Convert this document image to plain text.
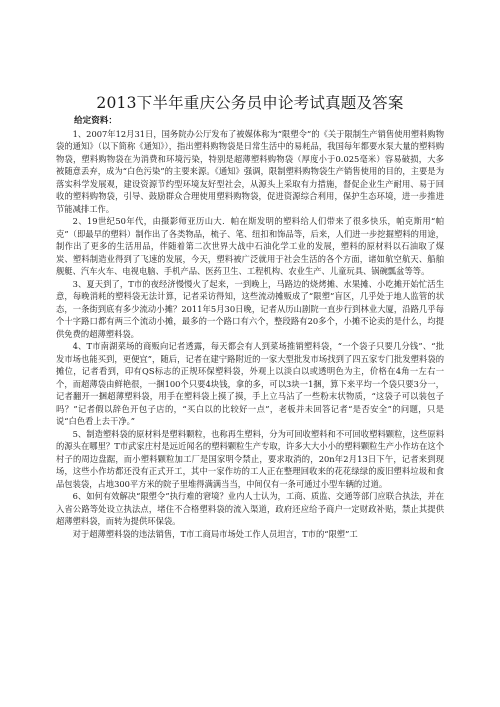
2013下半年重庆公务员申论考试真题及答案
给定资料：

1、2007年12月31日，国务院办公厅发布了被媒体称为“限塑令”的《关于限制生产销售使用塑料购物袋的通知》（以下简称《通知》），指出塑料购物袋是日常生活中的易耗品，我国每年都要水泵大量的塑料购物袋，塑料购物袋在为消费和环境污染，特别是超薄塑料购物袋（厚度小于0.025毫米）容易破损，大多被随意丢弃，成为“白色污染”的主要来源。《通知》强调，限制塑料购物袋生产销售使用的目的，主要是为落实科学发展观，建设资源节约型环境友好型社会，从源头上采取有力措施，督促企业生产耐用、易于回收的塑料购物袋，引导、鼓励群众合理使用塑料购物袋，促进资源综合利用，保护生态环境，进一步推进节能减排工作。

2、19世纪50年代，由摄影师亚历山大．帕在斯发明的塑料给人们带来了很多快乐，帕克斯用“帕克”（即最早的塑料）制作出了各类物品，梳子、笔、纽扣和饰品等，后来，人们进一步挖掘塑料的用途，制作出了更多的生活用品，伴随着第二次世界大战中石油化学工业的发展，塑料的原材料以石油取了煤炭、塑料制造业得到了飞速的发展，今天，塑料被广泛就用于社会生活的各个方面，诸如航空航天、船舶舰艇、汽车火车、电视电脑、手机产品、医药卫生、工程机构、农业生产、儿童玩具、锅碗瓢盆等等。

3、夏天到了，T市的夜经济慢慢火了起来，一到晚上，马路边的烧烤摊、水果摊、小吃摊开始忙活生意，每晚消耗的塑料袋无法计算，记者采访得知，这些流动摊贩成了“限塑”盲区，几乎处于地人监管的状态，一条街到底有多少流动小摊？2011年5月30日晚，记者从历山剧院一直步行到林业大厦，沿路几乎每个十字路口都有两三个流动小摊，最多的一个路口有六个，整段路有20多个，小摊不论卖的是什么，均提供免费的超薄塑料袋。

4、T市南湖菜场的商贩向记者透露，每天都会有人到菜场推销塑料袋，“一个袋子只要几分钱”、“批发市场也能买到，更便宜”，随后，记者在建宁路附近的一家大型批发市场找到了四五家专门批发塑料袋的摊位，记者看到，印有QS标志的正规环保塑料袋，外观上以淡白以或透明色为主，价格在4角一左右一个，而超薄袋由鲜艳很，一捆100个只要4块钱，拿的多，可以3块一1捆，算下来平均一个袋只要3分一，记者翻开一捆超薄塑料袋，用手在塑料袋上摸了摸，手上立马沾了一些粉末状物质，“这袋子可以装包子吗？”记者假以辞色开包子店的，“买白以的比较好一点”，老板并未回答记者“是否安全”的问题，只是说“白色看上去干净。”

5、制造塑料袋的原材料是塑料颗粒，也称再生塑料，分为可回收塑料和不可回收塑料颗粒，这些原料的源头在哪里？T市武家庄村是远近闻名的塑料颗粒生产专取，许多大大小小的塑料颗粒生产小作坊在这个村子的周边盘踞，而小塑料颗粒加工厂是国家明令禁止，要求取消的，20n年2月13日下午，记者来到现场，这些小作坊都还没有正式开工，其中一家作坊的工人正在整理回收来的花花绿绿的废旧塑料垃圾和食品包装袋，占地300平方米的院子里堆得满满当当，中间仅有一条可通过小型车辆的过道。

6、如何有效解决“限塑令”执行难的窘境？业内人士认为，工商、质监、交通等部门应联合执法，并在入省公路等处设立执法点，堵住不合格塑料袋的流入渠道，政府还应给予商户一定财政补贴，禁止其提供超薄塑料袋，而转为提供环保袋。

对于超薄塑料袋的违法销售，T市工商局市场处工作人员坦言，T市的“限塑”工
